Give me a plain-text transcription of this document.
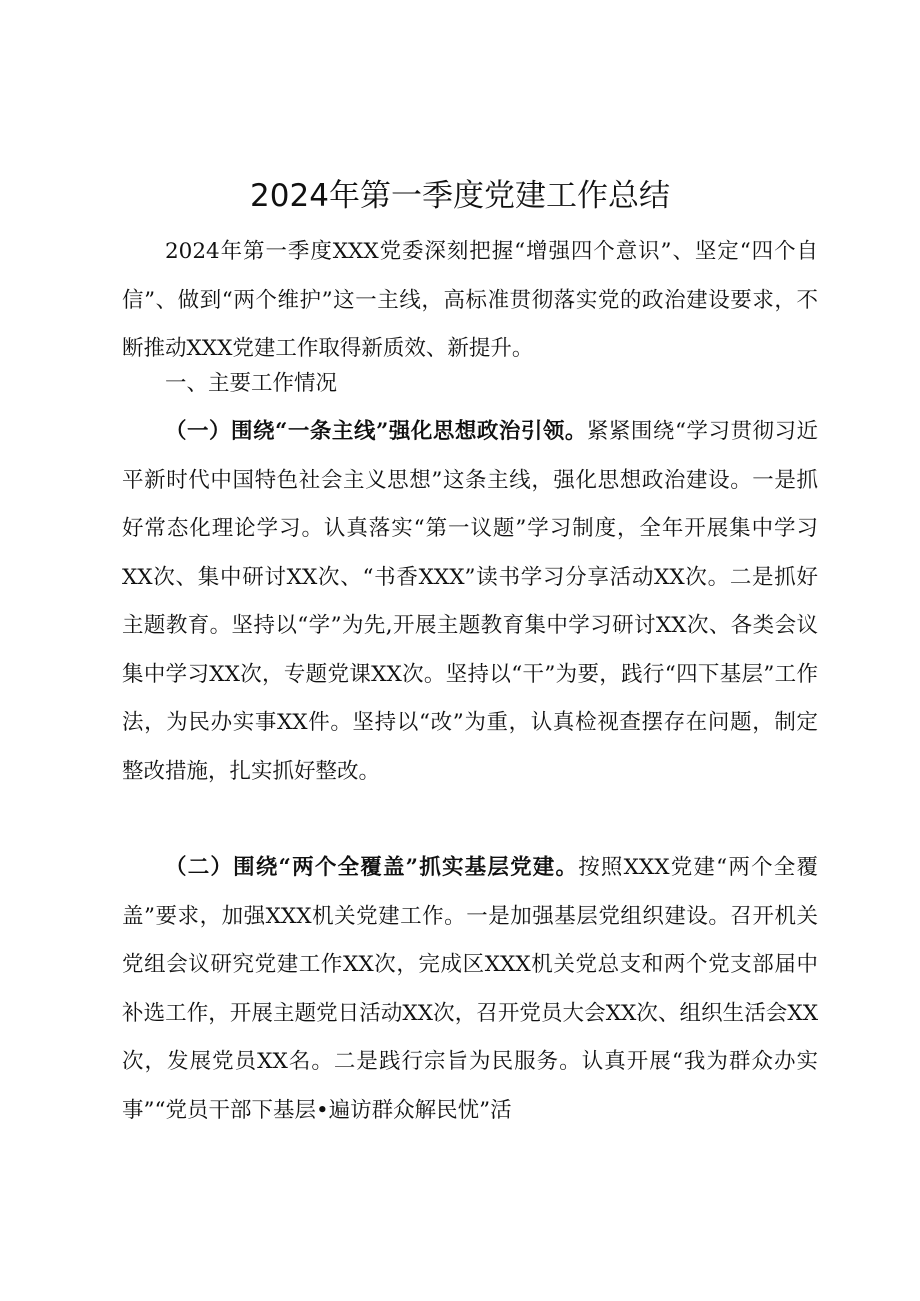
2024年第一季度党建工作总结
2024年第一季度XXX党委深刻把握“增强四个意识”、坚定“四个自信”、做到“两个维护”这一主线，高标准贯彻落实党的政治建设要求，不断推动XXX党建工作取得新质效、新提升。
一、主要工作情况
（一）围绕“一条主线”强化思想政治引领。紧紧围绕“学习贯彻习近平新时代中国特色社会主义思想”这条主线，强化思想政治建设。一是抓好常态化理论学习。认真落实“第一议题”学习制度，全年开展集中学习XX次、集中研讨XX次、“书香XXX”读书学习分享活动XX次。二是抓好主题教育。坚持以“学”为先,开展主题教育集中学习研讨XX次、各类会议集中学习XX次，专题党课XX次。坚持以“干”为要，践行“四下基层”工作法，为民办实事XX件。坚持以“改”为重，认真检视查摆存在问题，制定整改措施，扎实抓好整改。
（二）围绕“两个全覆盖”抓实基层党建。按照XXX党建“两个全覆盖”要求，加强XXX机关党建工作。一是加强基层党组织建设。召开机关党组会议研究党建工作XX次，完成区XXX机关党总支和两个党支部届中补选工作，开展主题党日活动XX次，召开党员大会XX次、组织生活会XX次，发展党员XX名。二是践行宗旨为民服务。认真开展“我为群众办实事”“党员干部下基层•遍访群众解民忧”活
